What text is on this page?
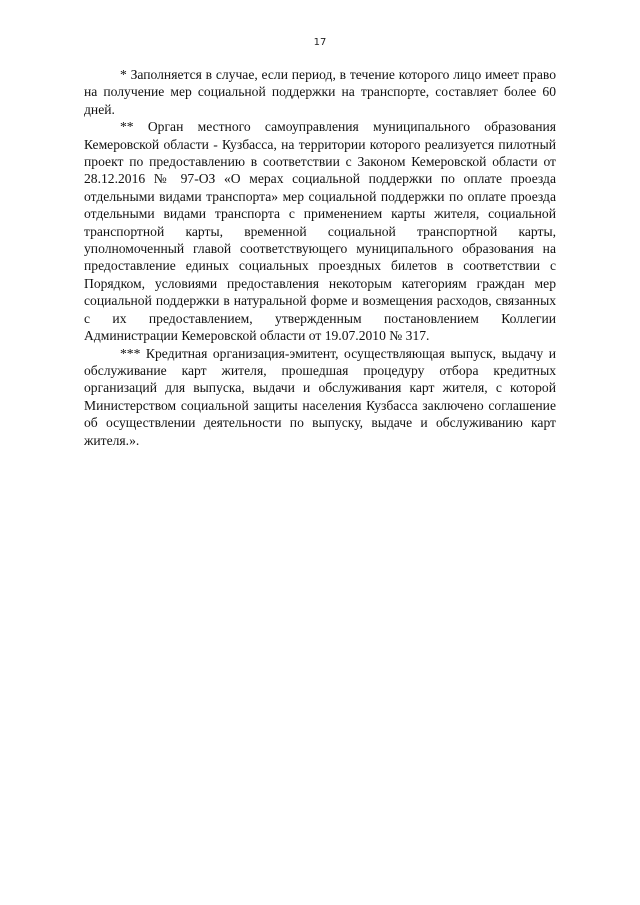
17

* Заполняется в случае, если период, в течение которого лицо имеет право на получение мер социальной поддержки на транспорте, составляет более 60 дней.

** Орган местного самоуправления муниципального образования Кемеровской области - Кузбасса, на территории которого реализуется пилотный проект по предоставлению в соответствии с Законом Кемеровской области от 28.12.2016 № 97-ОЗ «О мерах социальной поддержки по оплате проезда отдельными видами транспорта» мер социальной поддержки по оплате проезда отдельными видами транспорта с применением карты жителя, социальной транспортной карты, временной социальной транспортной карты, уполномоченный главой соответствующего муниципального образования на предоставление единых социальных проездных билетов в соответствии с Порядком, условиями предоставления некоторым категориям граждан мер социальной поддержки в натуральной форме и возмещения расходов, связанных с их предоставлением, утвержденным постановлением Коллегии Администрации Кемеровской области от 19.07.2010 № 317.

*** Кредитная организация-эмитент, осуществляющая выпуск, выдачу и обслуживание карт жителя, прошедшая процедуру отбора кредитных организаций для выпуска, выдачи и обслуживания карт жителя, с которой Министерством социальной защиты населения Кузбасса заключено соглашение об осуществлении деятельности по выпуску, выдаче и обслуживанию карт жителя.».
